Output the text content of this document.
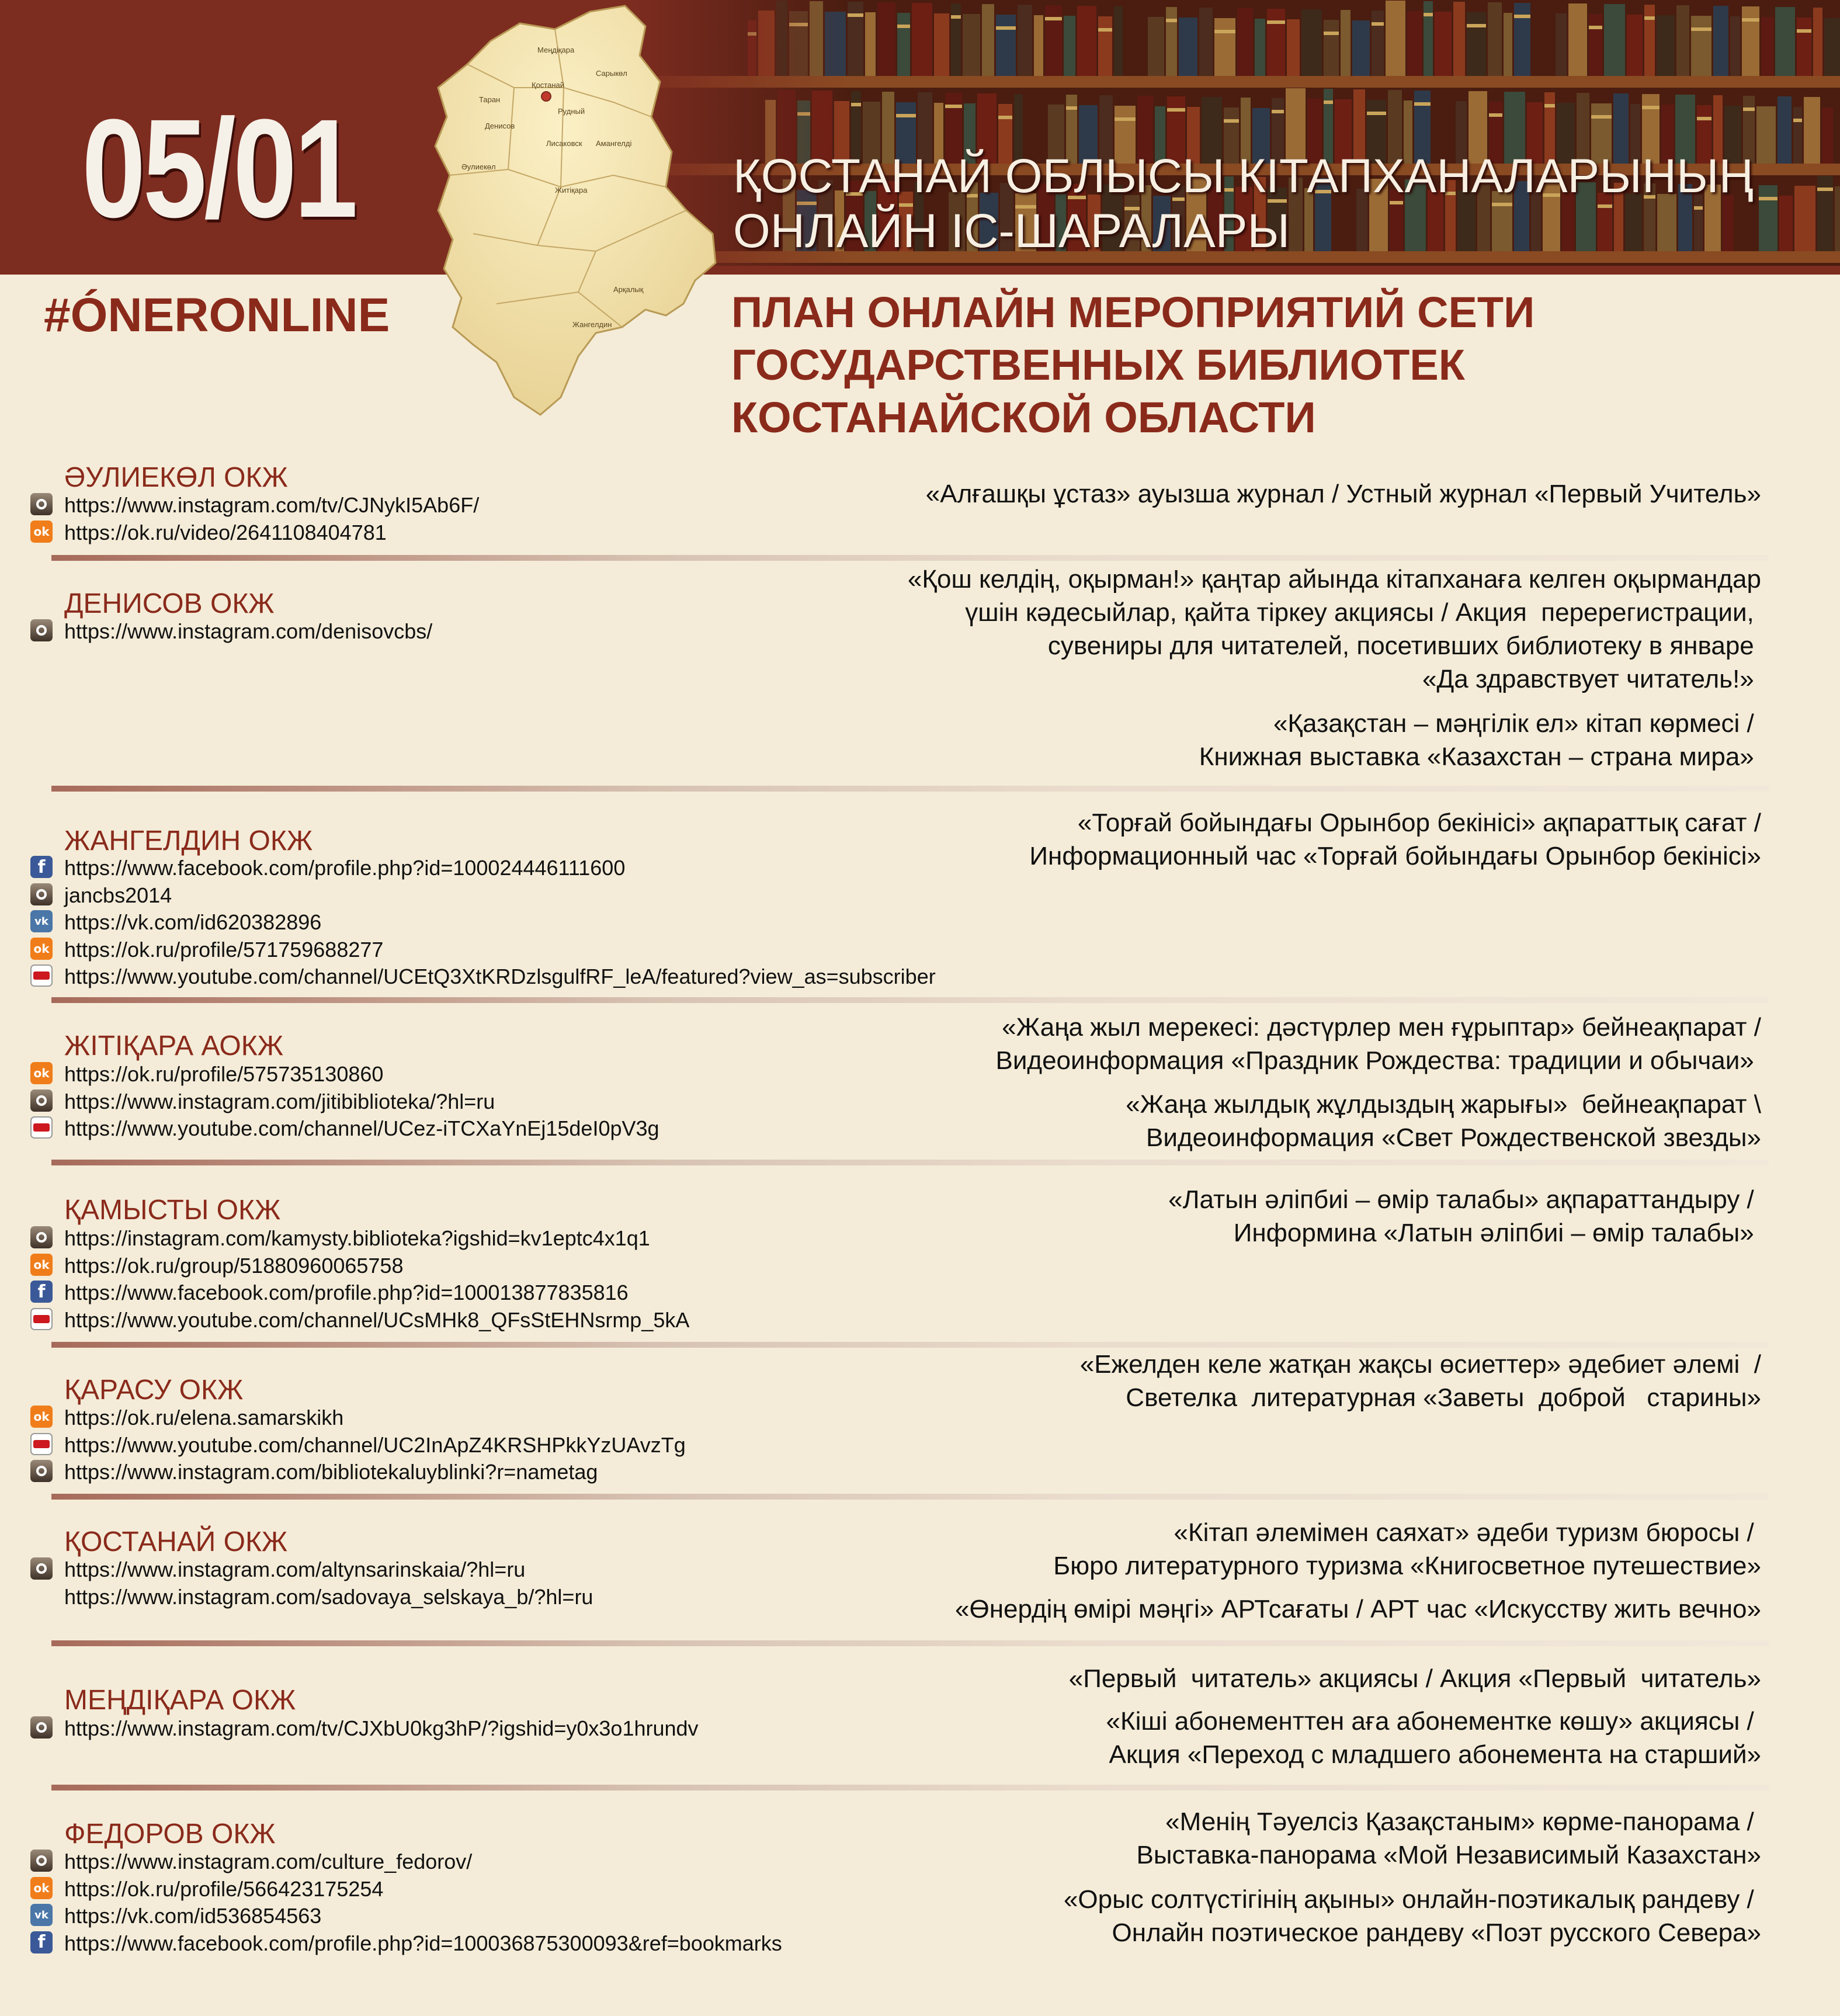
05/01	ҚОСТАНАЙ ОБЛЫСЫ КІТАПХАНАЛАРЫНЫҢ
ОНЛАЙН ІС-ШАРАЛАРЫ
#ÓNERONLINE	ПЛАН ОНЛАЙН МЕРОПРИЯТИЙ СЕТИ
ГОСУДАРСТВЕННЫХ БИБЛИОТЕК
КОСТАНАЙСКОЙ ОБЛАСТИ
Қостанай
Рудный
Лисаковск
Житіқара
Амангелді
Арқалық
Сарыкөл
Меңдіқара
Денисов
Таран
Әулиекөл
Жангелдин
ӘУЛИЕКӨЛ ОКЖ
https://www.instagram.com/tv/CJNykI5Ab6F/
ok https://ok.ru/video/2641108404781
«Алғашқы ұстаз» ауызша журнал / Устный журнал «Первый Учитель»
ДЕНИСОВ ОКЖ
https://www.instagram.com/denisovcbs/
«Қош келдің, оқырман!» қаңтар айында кітапханаға келген оқырмандар
үшін кәдесыйлар, қайта тіркеу акциясы / Акция  перерегистрации,
сувениры для читателей, посетивших библиотеку в январе
«Да здравствует читатель!»
«Қазақстан – мәңгілік ел» кітап көрмесі /
Книжная выставка «Казахстан – страна мира»
ЖАНГЕЛДИН ОКЖ
f https://www.facebook.com/profile.php?id=100024446111600
jancbs2014
vk https://vk.com/id620382896
ok https://ok.ru/profile/571759688277
https://www.youtube.com/channel/UCEtQ3XtKRDzlsgulfRF_leA/featured?view_as=subscriber
«Торғай бойындағы Орынбор бекінісі» ақпараттық сағат /
Информационный час «Торғай бойындағы Орынбор бекінісі»
ЖІТІҚАРА АОКЖ
ok https://ok.ru/profile/575735130860
https://www.instagram.com/jitibiblioteka/?hl=ru
https://www.youtube.com/channel/UCez-iTCXaYnEj15deI0pV3g
«Жаңа жыл мерекесі: дәстүрлер мен ғұрыптар» бейнеақпарат /
Видеоинформация «Праздник Рождества: традиции и обычаи»
«Жаңа жылдық жұлдыздың жарығы»  бейнеақпарат \
Видеоинформация «Свет Рождественской звезды»
ҚАМЫСТЫ ОКЖ
https://instagram.com/kamysty.biblioteka?igshid=kv1eptc4x1q1
ok https://ok.ru/group/51880960065758
f https://www.facebook.com/profile.php?id=100013877835816
https://www.youtube.com/channel/UCsMHk8_QFsStEHNsrmp_5kA
«Латын әліпбиі – өмір талабы» ақпараттандыру /
Информина «Латын әліпбиі – өмір талабы»
ҚАРАСУ ОКЖ
ok https://ok.ru/elena.samarskikh
https://www.youtube.com/channel/UC2InApZ4KRSHPkkYzUAvzTg
https://www.instagram.com/bibliotekaluyblinki?r=nametag
«Ежелден келе жатқан жақсы өсиеттер» әдебиет әлемі  /
Светелка  литературная «Заветы  доброй   старины»
ҚОСТАНАЙ ОКЖ
https://www.instagram.com/altynsarinskaia/?hl=ru
https://www.instagram.com/sadovaya_selskaya_b/?hl=ru
«Кітап әлемімен саяхат» әдеби туризм бюросы /
Бюро литературного туризма «Книгосветное путешествие»
«Өнердің өмірі мәңгі» АРТсағаты / АРТ час «Искусству жить вечно»
МЕҢДІҚАРА ОКЖ
https://www.instagram.com/tv/CJXbU0kg3hP/?igshid=y0x3o1hrundv
«Первый  читатель» акциясы / Акция «Первый  читатель»
«Кіші абонементтен аға абонементке көшу» акциясы /
Акция «Переход с младшего абонемента на старший»
ФЕДОРОВ ОКЖ
https://www.instagram.com/culture_fedorov/
ok https://ok.ru/profile/566423175254
vk https://vk.com/id536854563
f https://www.facebook.com/profile.php?id=100036875300093&ref=bookmarks
«Менің Тәуелсіз Қазақстаным» көрме-панорама /
Выставка-панорама «Мой Независимый Казахстан»
«Орыс солтүстігінің ақыны» онлайн-поэтикалық рандеву /
Онлайн поэтическое рандеву «Поэт русского Севера»
